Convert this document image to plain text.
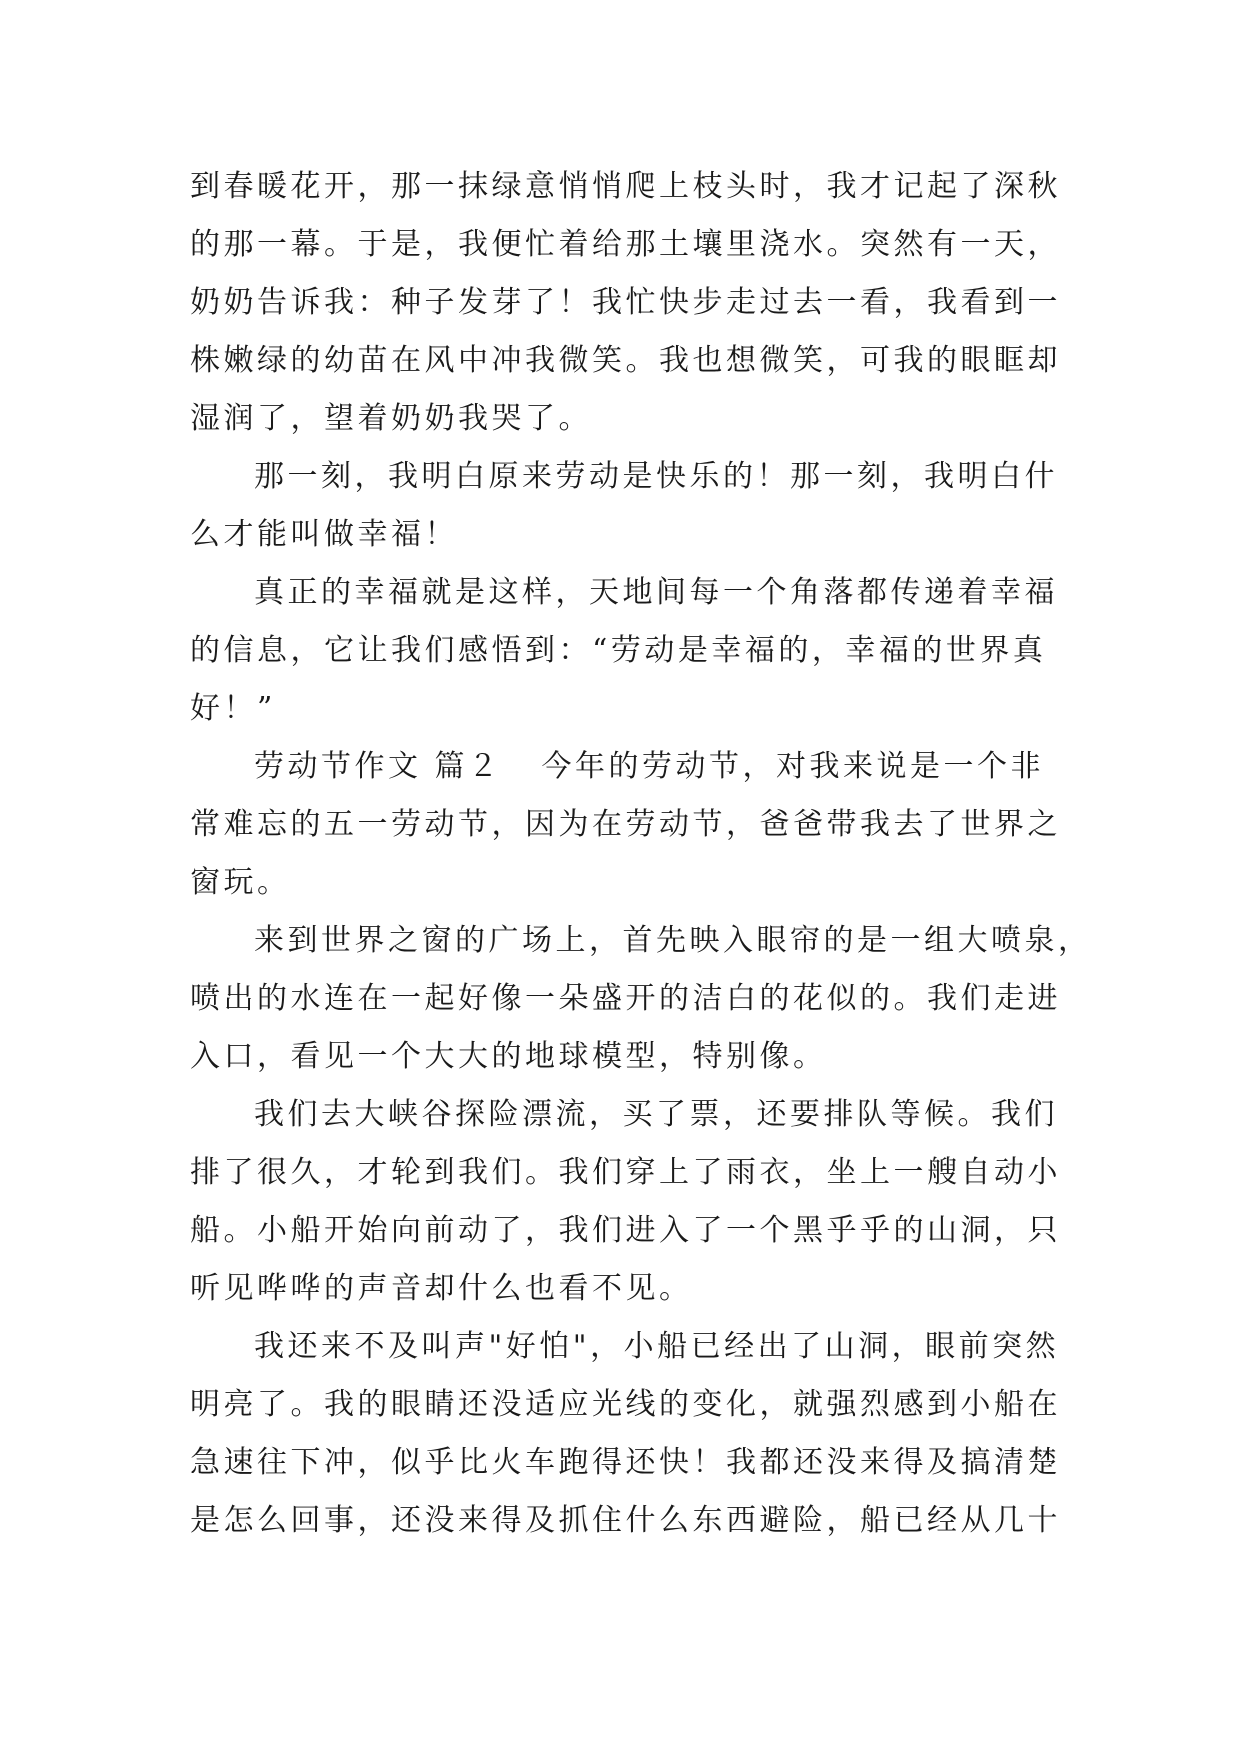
到春暖花开，那一抹绿意悄悄爬上枝头时，我才记起了深秋
的那一幕。于是，我便忙着给那土壤里浇水。突然有一天，
奶奶告诉我：种子发芽了！我忙快步走过去一看，我看到一
株嫩绿的幼苗在风中冲我微笑。我也想微笑，可我的眼眶却
湿润了，望着奶奶我哭了。
那一刻，我明白原来劳动是快乐的！那一刻，我明白什
么才能叫做幸福！
真正的幸福就是这样，天地间每一个角落都传递着幸福
的信息，它让我们感悟到：“劳动是幸福的，幸福的世界真
好！”
劳动节作文 篇２ 今年的劳动节，对我来说是一个非
常难忘的五一劳动节，因为在劳动节，爸爸带我去了世界之
窗玩。
来到世界之窗的广场上，首先映入眼帘的是一组大喷泉，
喷出的水连在一起好像一朵盛开的洁白的花似的。我们走进
入口，看见一个大大的地球模型，特别像。
我们去大峡谷探险漂流，买了票，还要排队等候。我们
排了很久，才轮到我们。我们穿上了雨衣，坐上一艘自动小
船。小船开始向前动了，我们进入了一个黑乎乎的山洞，只
听见哗哗的声音却什么也看不见。
我还来不及叫声"好怕"，小船已经出了山洞，眼前突然
明亮了。我的眼睛还没适应光线的变化，就强烈感到小船在
急速往下冲，似乎比火车跑得还快！我都还没来得及搞清楚
是怎么回事，还没来得及抓住什么东西避险，船已经从几十
